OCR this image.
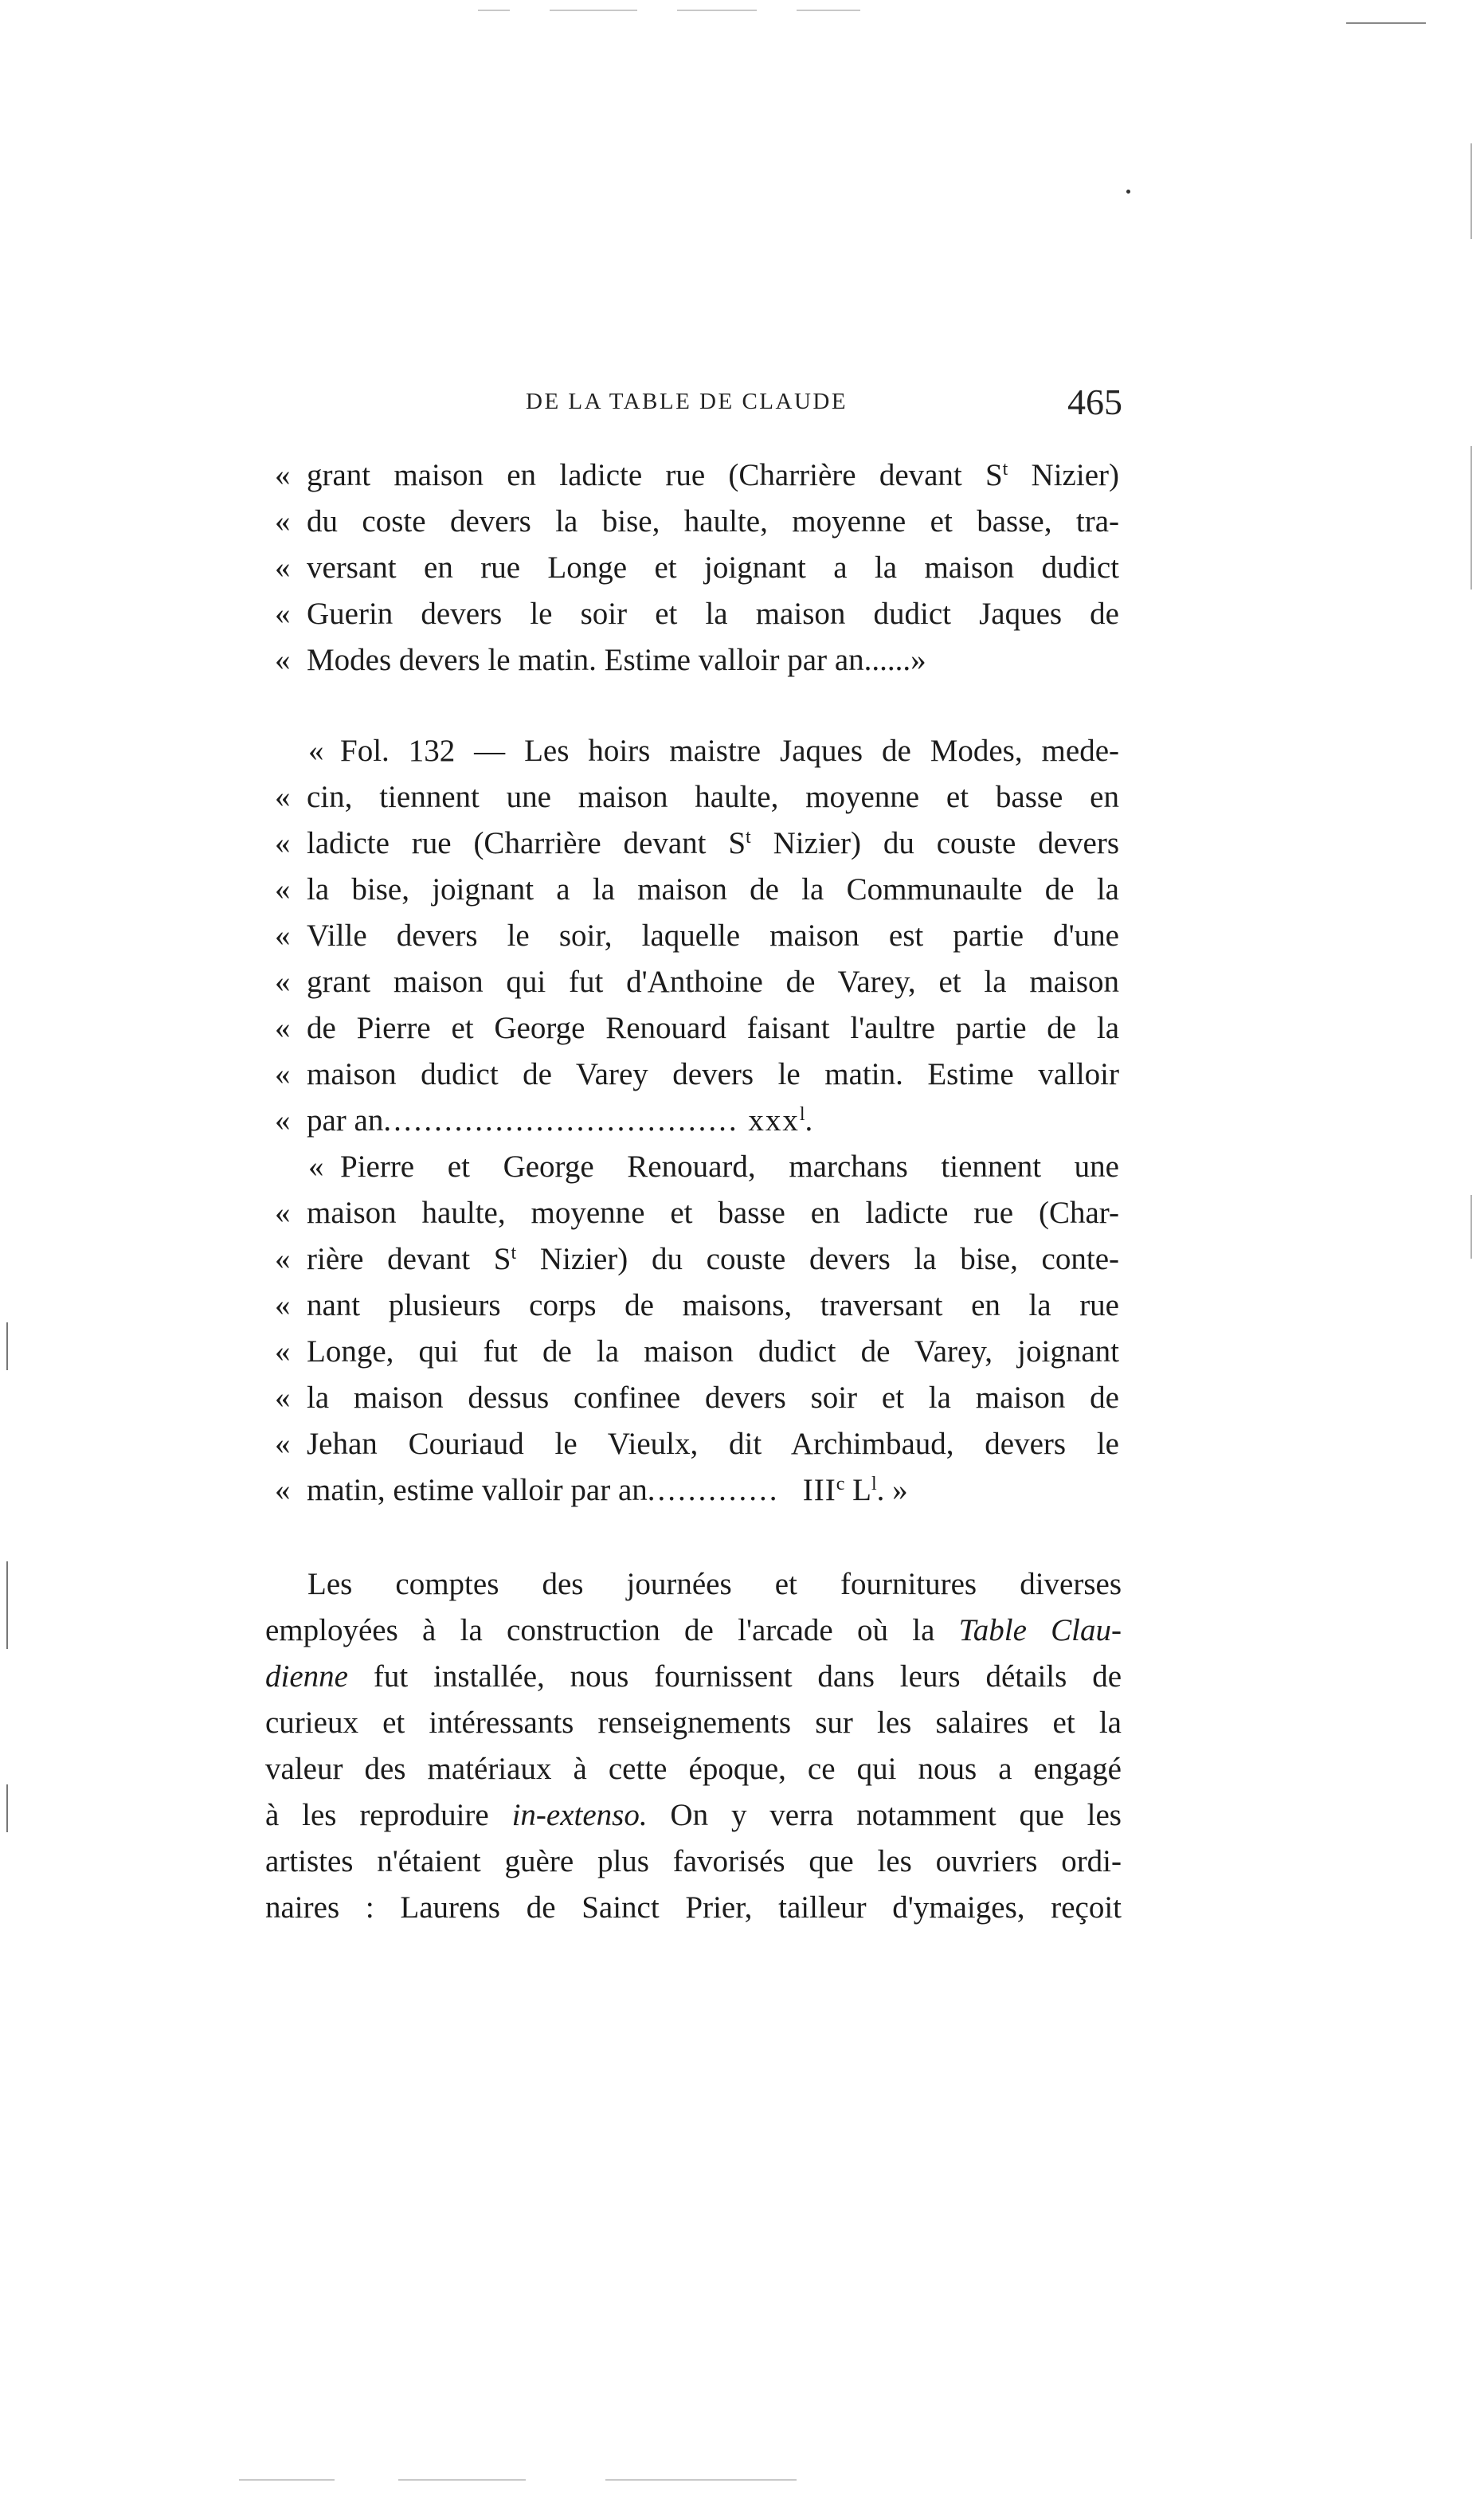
DE LA TABLE DE CLAUDE	465
« grant maison en ladicte rue (Charrière devant $S^t$ Nizier)
« du coste devers la bise, haulte, moyenne et basse, tra-
« versant en rue Longe et joignant a la maison dudict
« Guerin devers le soir et la maison dudict Jaques de
« Modes devers le matin. Estime valloir par an......»
« Fol. 132 — Les hoirs maistre Jaques de Modes, mede-
« cin, tiennent une maison haulte, moyenne et basse en
« ladicte rue (Charrière devant $S^t$ Nizier) du couste devers
« la bise, joignant a la maison de la Communaulte de la
« Ville devers le soir, laquelle maison est partie d'une
« grant maison qui fut d'Anthoine de Varey, et la maison
« de Pierre et George Renouard faisant l'aultre partie de la
« maison dudict de Varey devers le matin. Estime valloir
« par an................................... xxx$^l$.
« Pierre et George Renouard, marchans tiennent une
« maison haulte, moyenne et basse en ladicte rue (Char-
« rière devant $S^t$ Nizier) du couste devers la bise, conte-
« nant plusieurs corps de maisons, traversant en la rue
« Longe, qui fut de la maison dudict de Varey, joignant
« la maison dessus confinee devers soir et la maison de
« Jehan Couriaud le Vieulx, dit Archimbaud, devers le
« matin, estime valloir par an............. III$^c$ $L^l$. »
Les comptes des journées et fournitures diverses
employées à la construction de l'arcade où la Table Clau-
dienne fut installée, nous fournissent dans leurs détails de
curieux et intéressants renseignements sur les salaires et la
valeur des matériaux à cette époque, ce qui nous a engagé
à les reproduire in-extenso. On y verra notamment que les
artistes n'étaient guère plus favorisés que les ouvriers ordi-
naires : Laurens de Sainct Prier, tailleur d'ymaiges, reçoit
